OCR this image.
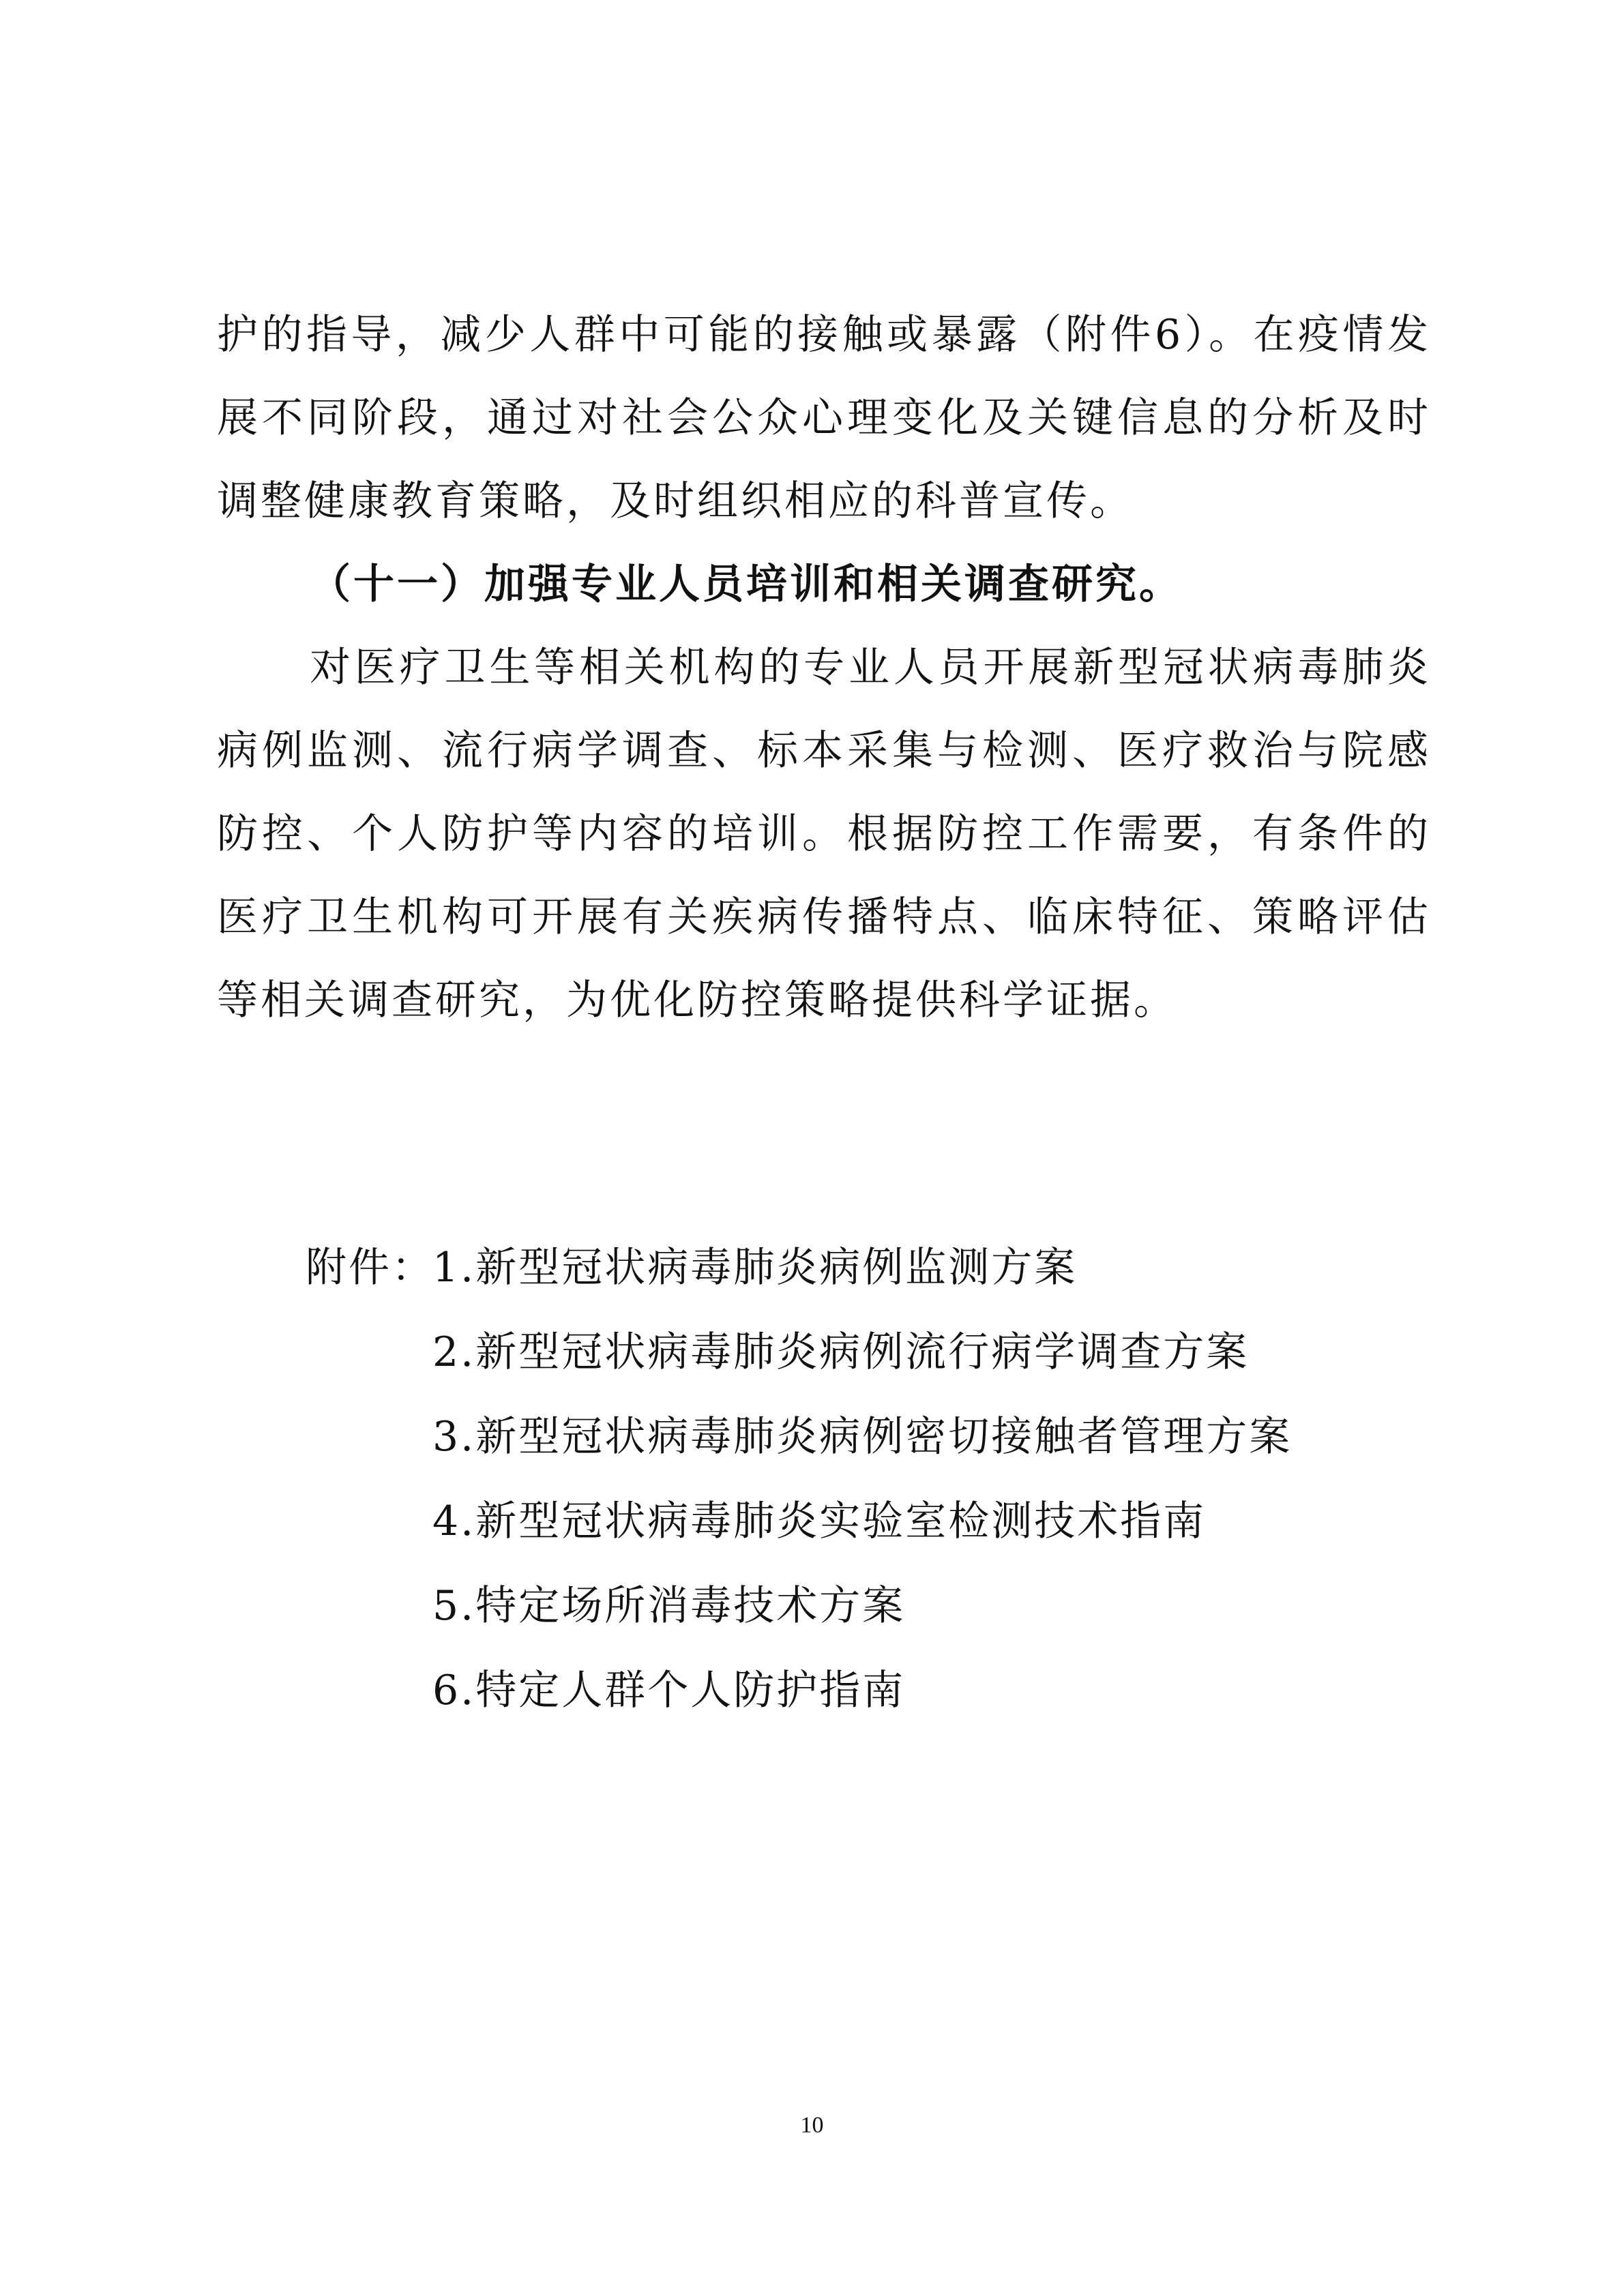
护的指导，减少人群中可能的接触或暴露（附件6）。在疫情发展不同阶段，通过对社会公众心理变化及关键信息的分析及时调整健康教育策略，及时组织相应的科普宣传。

（十一）加强专业人员培训和相关调查研究。

对医疗卫生等相关机构的专业人员开展新型冠状病毒肺炎病例监测、流行病学调查、标本采集与检测、医疗救治与院感防控、个人防护等内容的培训。根据防控工作需要，有条件的医疗卫生机构可开展有关疾病传播特点、临床特征、策略评估等相关调查研究，为优化防控策略提供科学证据。

附件：
1.新型冠状病毒肺炎病例监测方案
2.新型冠状病毒肺炎病例流行病学调查方案
3.新型冠状病毒肺炎病例密切接触者管理方案
4.新型冠状病毒肺炎实验室检测技术指南
5.特定场所消毒技术方案
6.特定人群个人防护指南
10
